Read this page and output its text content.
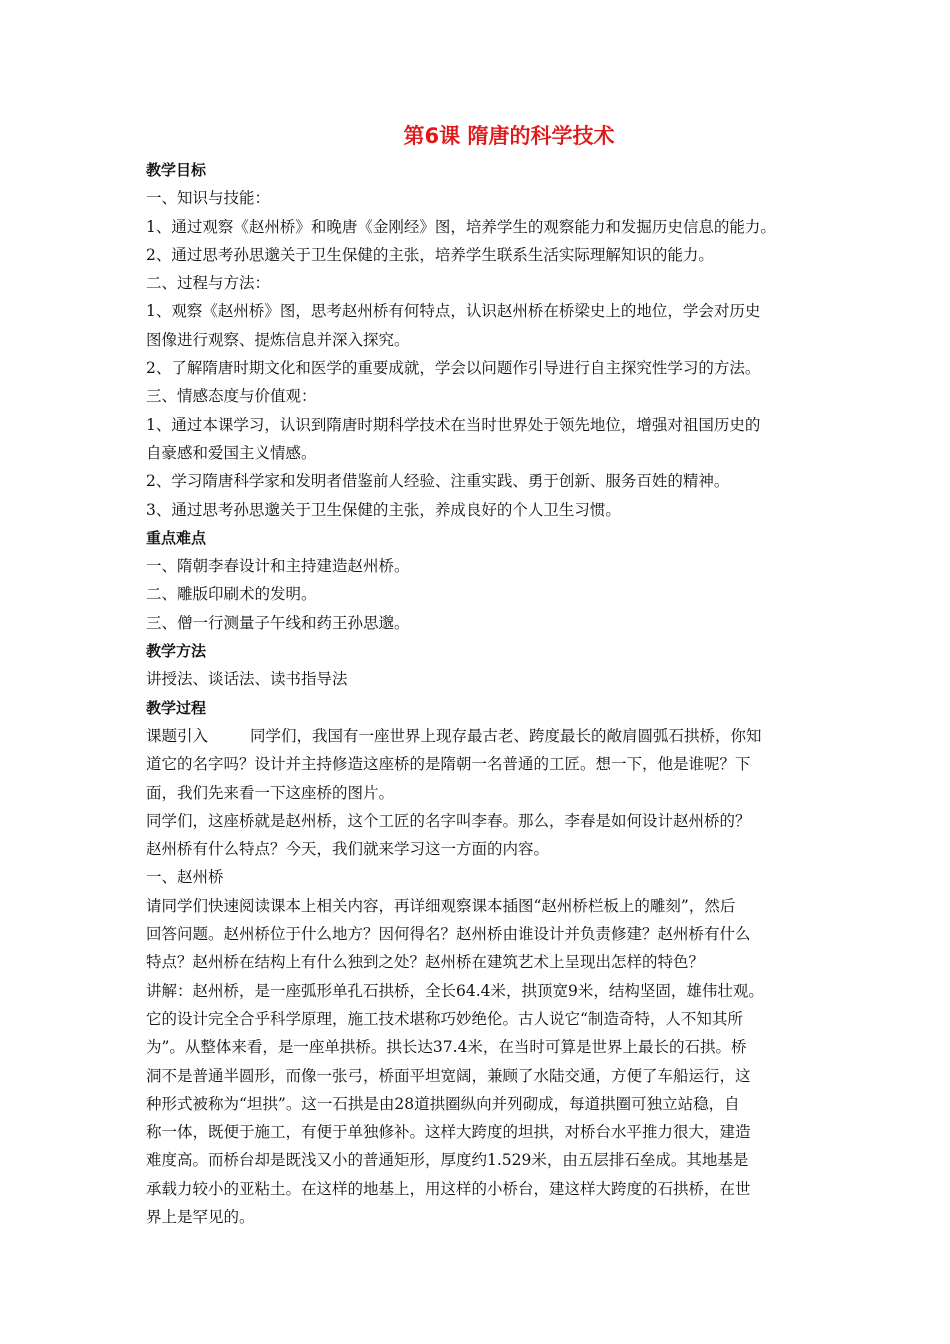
第6课 隋唐的科学技术

教学目标

一、知识与技能：

1、通过观察《赵州桥》和晚唐《金刚经》图，培养学生的观察能力和发掘历史信息的能力。

2、通过思考孙思邈关于卫生保健的主张，培养学生联系生活实际理解知识的能力。

二、过程与方法：

1、观察《赵州桥》图，思考赵州桥有何特点，认识赵州桥在桥梁史上的地位，学会对历史

图像进行观察、提炼信息并深入探究。

2、了解隋唐时期文化和医学的重要成就，学会以问题作引导进行自主探究性学习的方法。

三、情感态度与价值观：

1、通过本课学习，认识到隋唐时期科学技术在当时世界处于领先地位，增强对祖国历史的

自豪感和爱国主义情感。

2、学习隋唐科学家和发明者借鉴前人经验、注重实践、勇于创新、服务百姓的精神。

3、通过思考孙思邈关于卫生保健的主张，养成良好的个人卫生习惯。

重点难点

一、隋朝李春设计和主持建造赵州桥。

二、雕版印刷术的发明。

三、僧一行测量子午线和药王孙思邈。

教学方法

讲授法、谈话法、读书指导法

教学过程

课题引入	同学们，我国有一座世界上现存最古老、跨度最长的敞肩圆弧石拱桥，你知

道它的名字吗？设计并主持修造这座桥的是隋朝一名普通的工匠。想一下，他是谁呢？下

面，我们先来看一下这座桥的图片。

同学们，这座桥就是赵州桥，这个工匠的名字叫李春。那么，李春是如何设计赵州桥的？

赵州桥有什么特点？今天，我们就来学习这一方面的内容。

一、赵州桥

请同学们快速阅读课本上相关内容，再详细观察课本插图“赵州桥栏板上的雕刻”，然后

回答问题。赵州桥位于什么地方？因何得名？赵州桥由谁设计并负责修建？赵州桥有什么

特点？赵州桥在结构上有什么独到之处？赵州桥在建筑艺术上呈现出怎样的特色？

讲解：赵州桥，是一座弧形单孔石拱桥，全长64.4米，拱顶宽9米，结构坚固，雄伟壮观。

它的设计完全合乎科学原理，施工技术堪称巧妙绝伦。古人说它“制造奇特，人不知其所

为”。从整体来看，是一座单拱桥。拱长达37.4米，在当时可算是世界上最长的石拱。桥

洞不是普通半圆形，而像一张弓，桥面平坦宽阔，兼顾了水陆交通，方便了车船运行，这

种形式被称为“坦拱”。这一石拱是由28道拱圈纵向并列砌成，每道拱圈可独立站稳，自

称一体，既便于施工，有便于单独修补。这样大跨度的坦拱，对桥台水平推力很大，建造

难度高。而桥台却是既浅又小的普通矩形，厚度约1.529米，由五层排石垒成。其地基是

承载力较小的亚粘土。在这样的地基上，用这样的小桥台，建这样大跨度的石拱桥，在世

界上是罕见的。
